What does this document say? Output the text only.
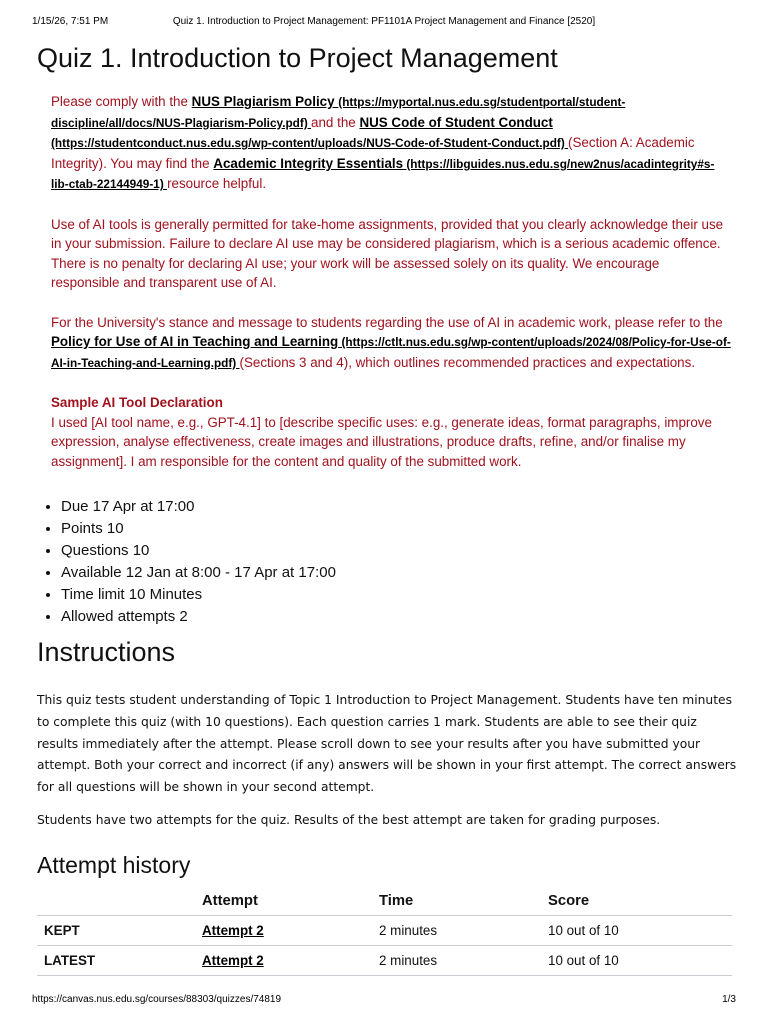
1/15/26, 7:51 PM	Quiz 1. Introduction to Project Management: PF1101A Project Management and Finance [2520]
Quiz 1. Introduction to Project Management

Please comply with the NUS Plagiarism Policy (https://myportal.nus.edu.sg/studentportal/student-discipline/all/docs/NUS-Plagiarism-Policy.pdf) and the NUS Code of Student Conduct (https://studentconduct.nus.edu.sg/wp-content/uploads/NUS-Code-of-Student-Conduct.pdf) (Section A: Academic Integrity). You may find the Academic Integrity Essentials (https://libguides.nus.edu.sg/new2nus/acadintegrity#s-lib-ctab-22144949-1) resource helpful.

Use of AI tools is generally permitted for take-home assignments, provided that you clearly acknowledge their use in your submission. Failure to declare AI use may be considered plagiarism, which is a serious academic offence. There is no penalty for declaring AI use; your work will be assessed solely on its quality. We encourage responsible and transparent use of AI.

For the University's stance and message to students regarding the use of AI in academic work, please refer to the Policy for Use of AI in Teaching and Learning (https://ctlt.nus.edu.sg/wp-content/uploads/2024/08/Policy-for-Use-of-AI-in-Teaching-and-Learning.pdf) (Sections 3 and 4), which outlines recommended practices and expectations.

Sample AI Tool Declaration
I used [AI tool name, e.g., GPT-4.1] to [describe specific uses: e.g., generate ideas, format paragraphs, improve expression, analyse effectiveness, create images and illustrations, produce drafts, refine, and/or finalise my assignment]. I am responsible for the content and quality of the submitted work.

• Due 17 Apr at 17:00
• Points 10
• Questions 10
• Available 12 Jan at 8:00 - 17 Apr at 17:00
• Time limit 10 Minutes
• Allowed attempts 2
Instructions

This quiz tests student understanding of Topic 1 Introduction to Project Management. Students have ten minutes to complete this quiz (with 10 questions). Each question carries 1 mark. Students are able to see their quiz results immediately after the attempt. Please scroll down to see your results after you have submitted your attempt. Both your correct and incorrect (if any) answers will be shown in your first attempt. The correct answers for all questions will be shown in your second attempt.

Students have two attempts for the quiz. Results of the best attempt are taken for grading purposes.

Attempt history
	Attempt	Time	Score
KEPT	Attempt 2	2 minutes	10 out of 10
LATEST	Attempt 2	2 minutes	10 out of 10
https://canvas.nus.edu.sg/courses/88303/quizzes/74819	1/3
